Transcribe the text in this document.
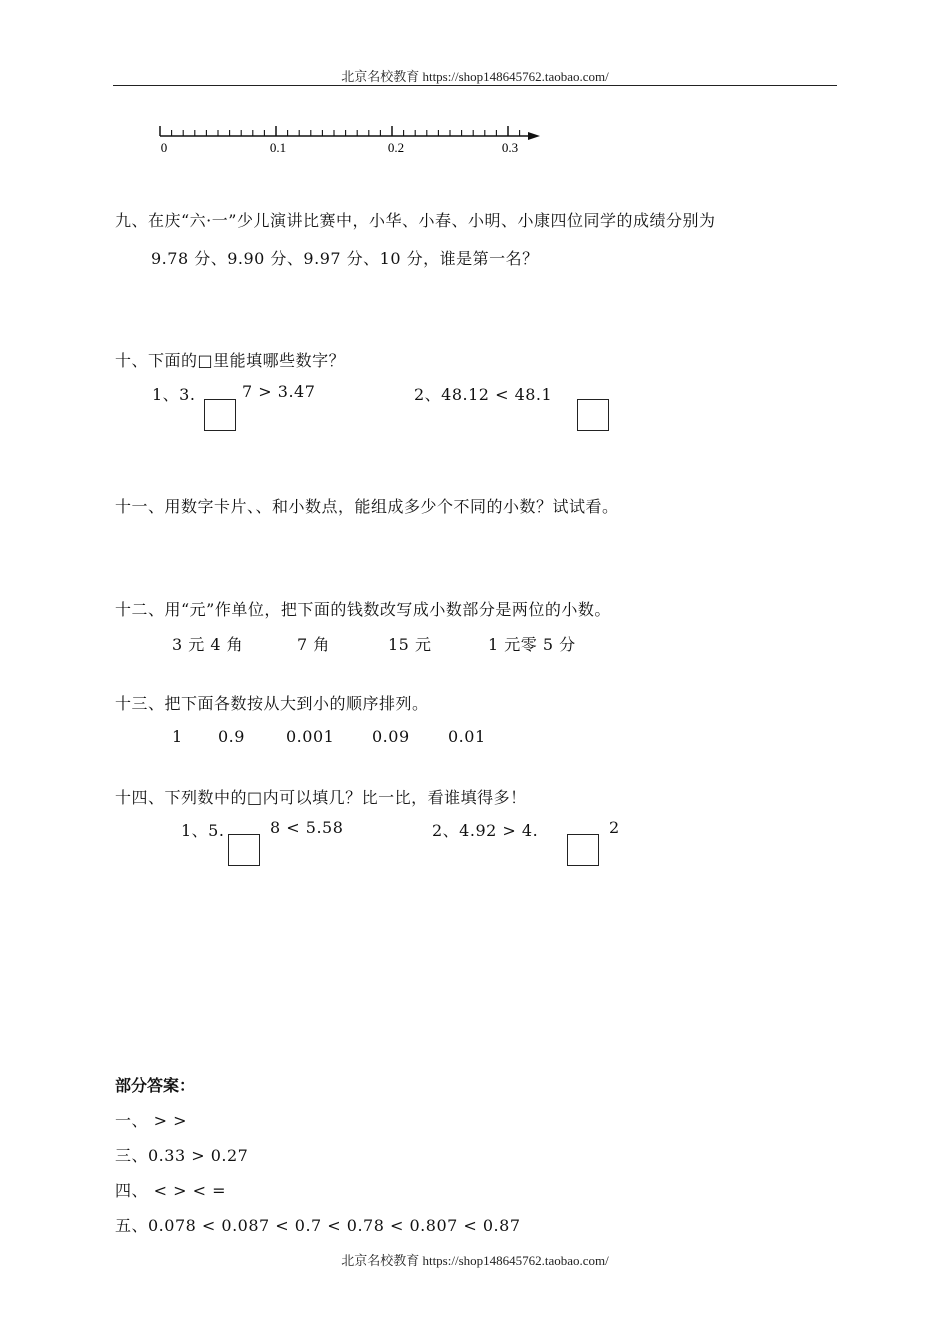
北京名校教育 https://shop148645762.taobao.com/
0	0.1	0.2	0.3
九、在庆“六·一”少儿演讲比赛中，小华、小春、小明、小康四位同学的成绩分别为
9.78 分、9.90 分、9.97 分、10 分，谁是第一名？
十、下面的□里能填哪些数字？
1、3.	7 > 3.47	2、48.12 < 48.1
十一、用数字卡片、、和小数点，能组成多少个不同的小数？试试看。
十二、用“元”作单位，把下面的钱数改写成小数部分是两位的小数。
3 元 4 角	7 角	15 元	1 元零 5 分
十三、把下面各数按从大到小的顺序排列。
1 0.9	0.001 0.09 0.01
十四、下列数中的□内可以填几？比一比，看谁填得多！
1、5.	8 < 5.58	2、4.92 > 4.	2
部分答案：
一、 > >
三、0.33 > 0.27
四、 < > < =
五、0.078 < 0.087 < 0.7 < 0.78 < 0.807 < 0.87
北京名校教育 https://shop148645762.taobao.com/
